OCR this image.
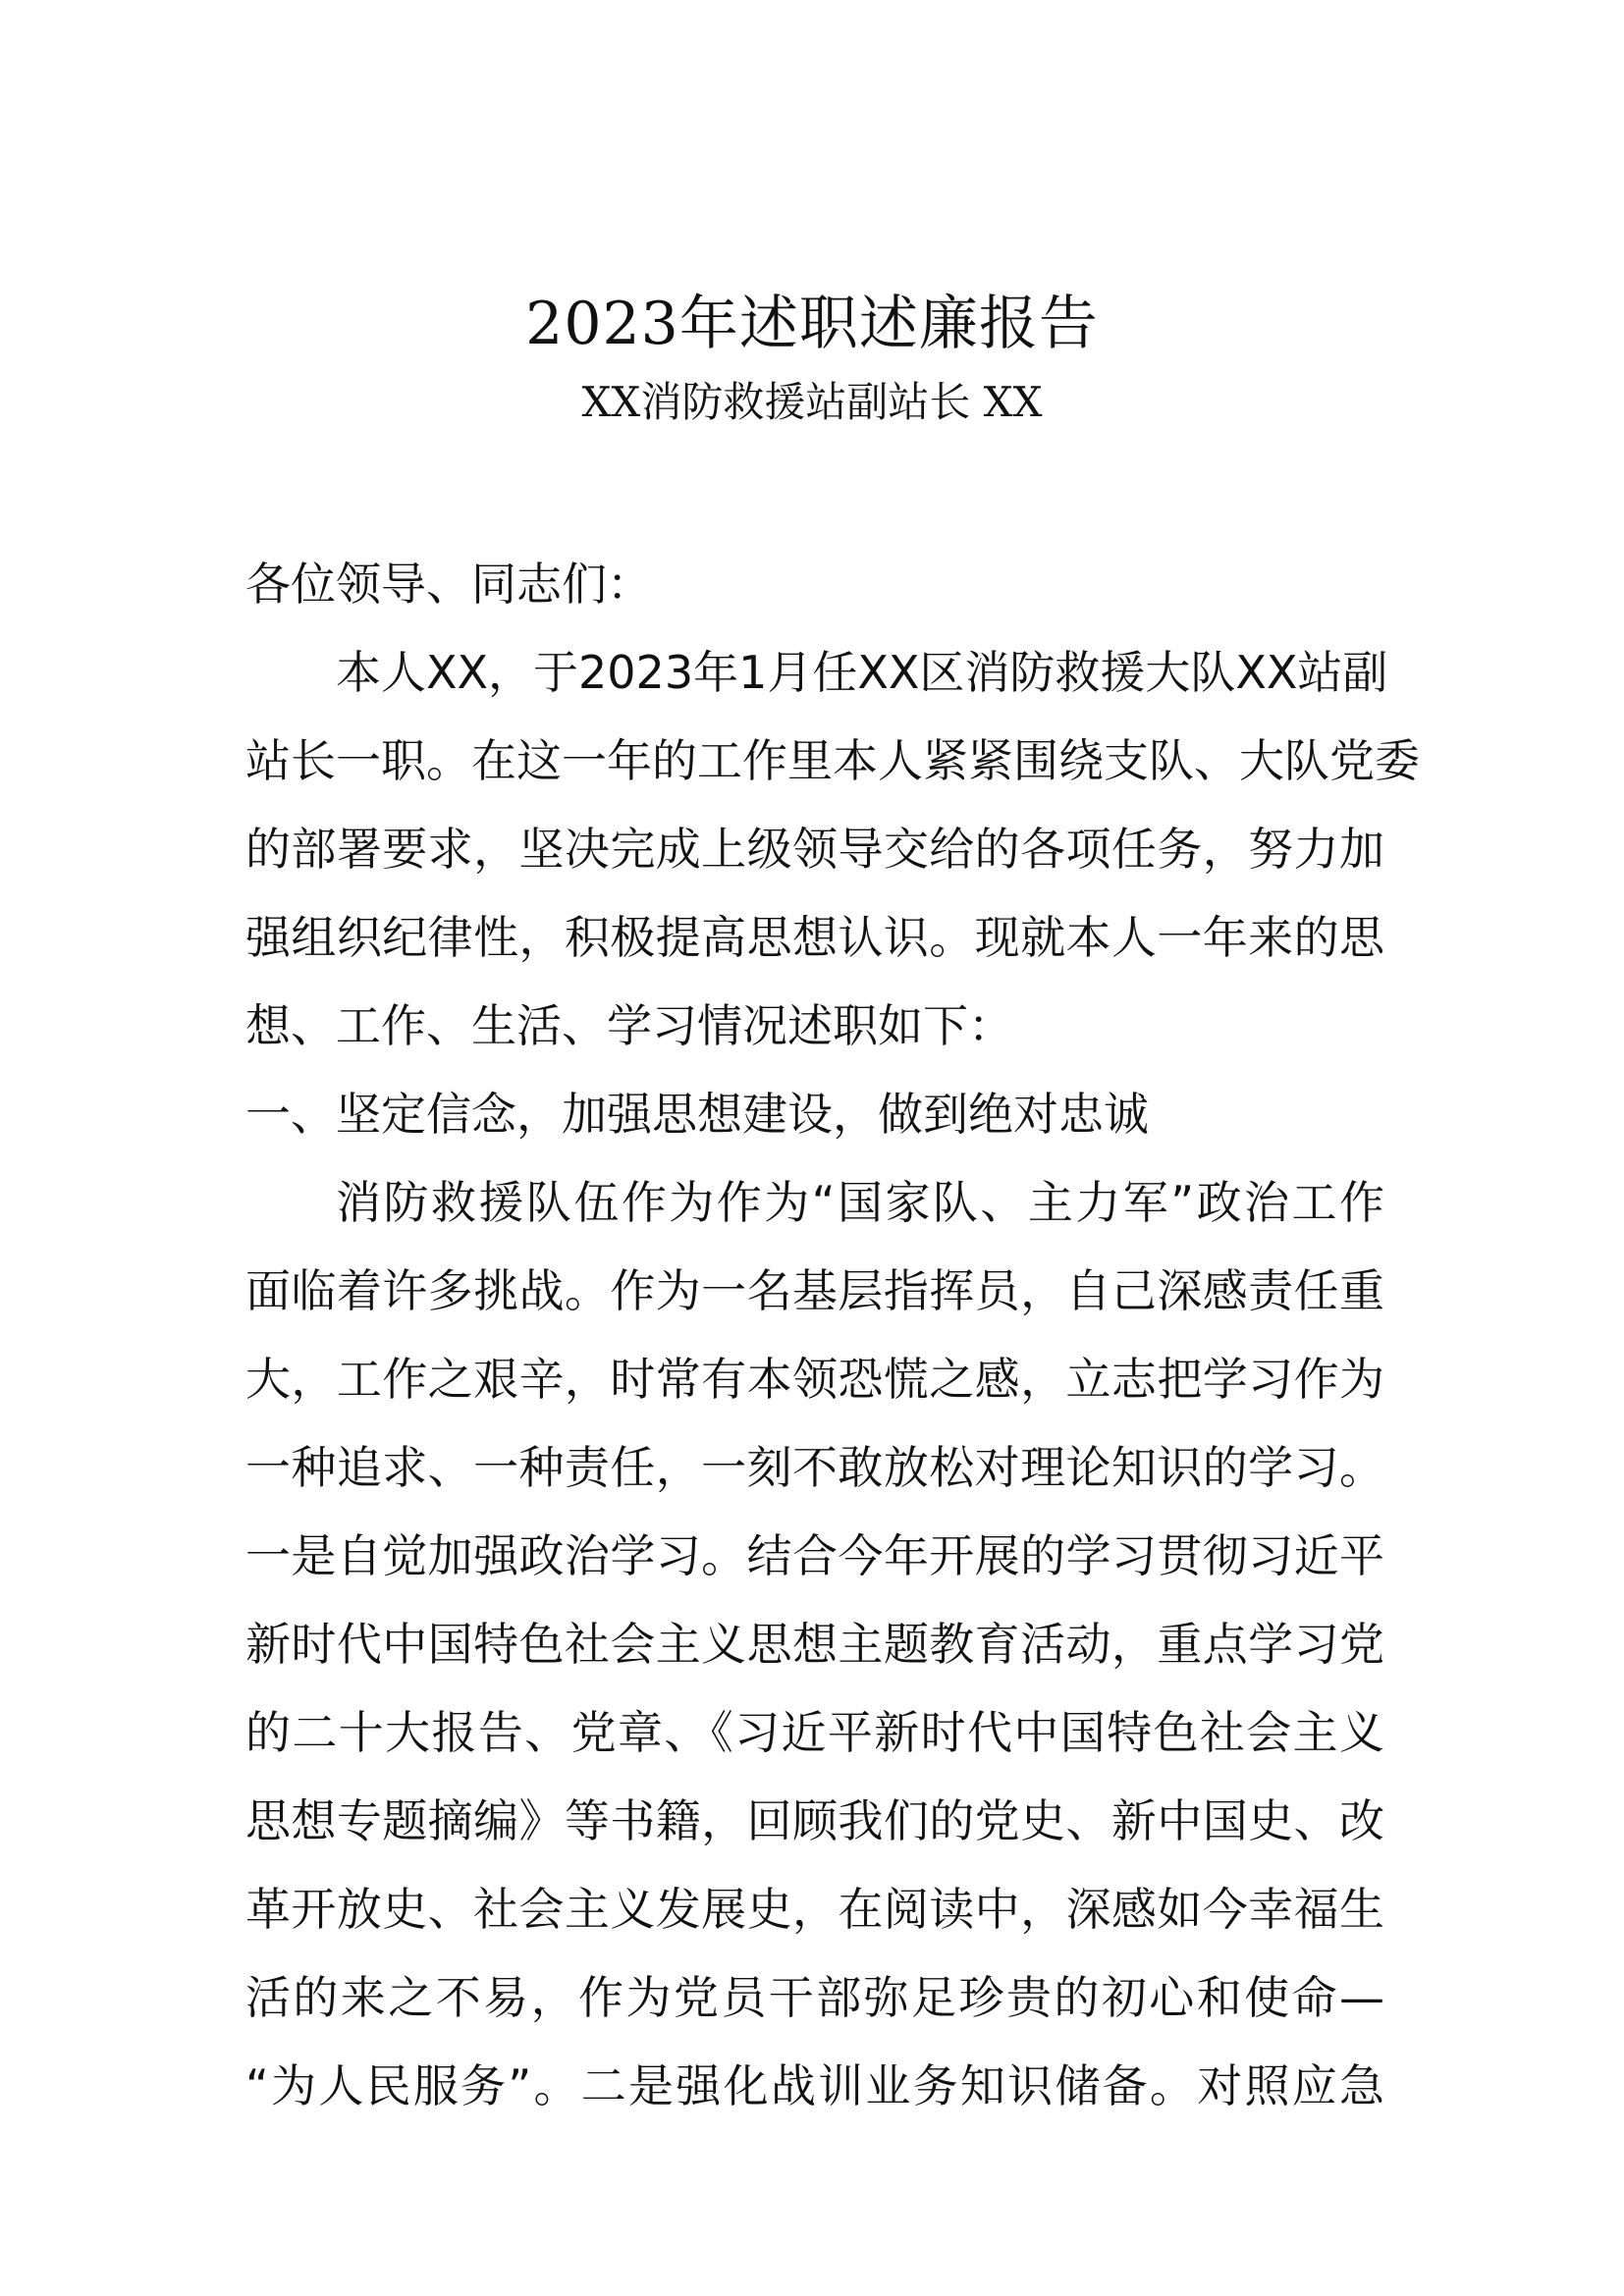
2023年述职述廉报告

XX消防救援站副站长 XX

各位领导、同志们：

本人XX，于2023年1月任XX区消防救援大队XX站副

站长一职。在这一年的工作里本人紧紧围绕支队、大队党委

的部署要求，坚决完成上级领导交给的各项任务，努力加

强组织纪律性，积极提高思想认识。现就本人一年来的思

想、工作、生活、学习情况述职如下：

一、坚定信念，加强思想建设，做到绝对忠诚

消防救援队伍作为作为“国家队、主力军”政治工作

面临着许多挑战。作为一名基层指挥员，自己深感责任重

大，工作之艰辛，时常有本领恐慌之感，立志把学习作为

一种追求、一种责任，一刻不敢放松对理论知识的学习。

一是自觉加强政治学习。结合今年开展的学习贯彻习近平

新时代中国特色社会主义思想主题教育活动，重点学习党

的二十大报告、党章、《习近平新时代中国特色社会主义

思想专题摘编》等书籍，回顾我们的党史、新中国史、改

革开放史、社会主义发展史，在阅读中，深感如今幸福生

活的来之不易，作为党员干部弥足珍贵的初心和使命—

“为人民服务”。二是强化战训业务知识储备。对照应急
